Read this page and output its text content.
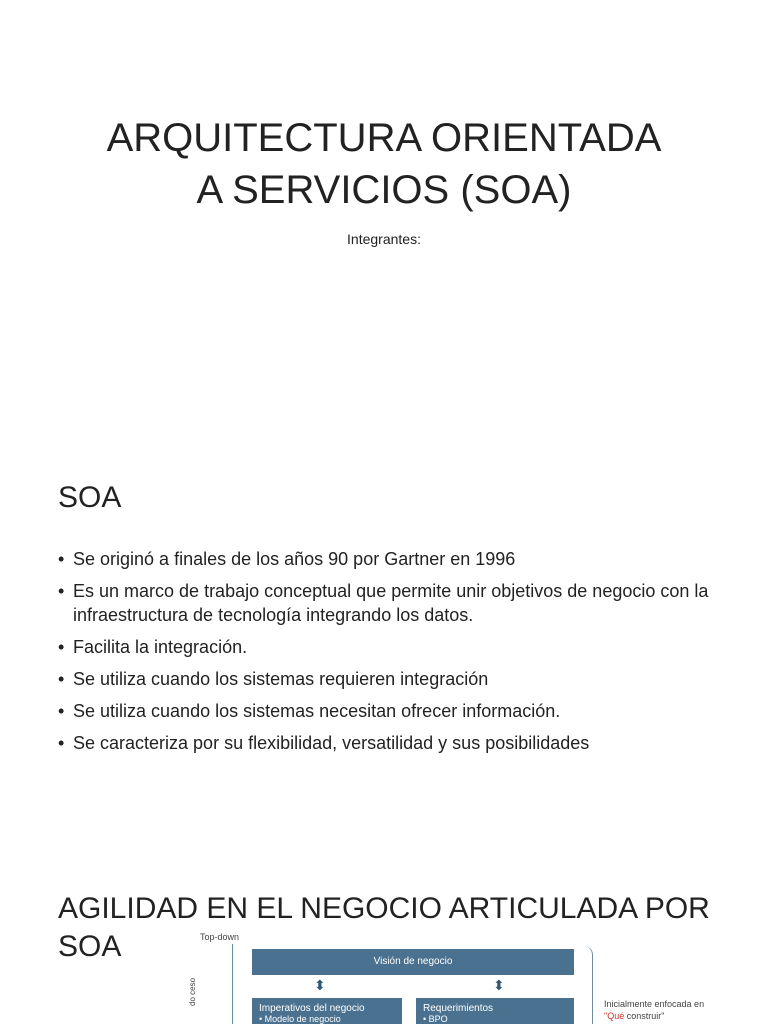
ARQUITECTURA ORIENTADA
A SERVICIOS (SOA)
Integrantes:
SOA
• Se originó a finales de los años 90 por Gartner en 1996
• Es un marco de trabajo conceptual que permite unir objetivos de negocio con la infraestructura de tecnología integrando los datos.
• Facilita la integración.
• Se utiliza cuando los sistemas requieren integración
• Se utiliza cuando los sistemas necesitan ofrecer información.
• Se caracteriza por su flexibilidad, versatilidad y sus posibilidades
AGILIDAD EN EL NEGOCIO ARTICULADA POR SOA	Top-down
do ceso
Visión de negocio
⬍	⬍
Imperativos del negocio
• Modelo de negocio
Requerimientos
• BPO
Inicialmente enfocada en
"Qué construir"
